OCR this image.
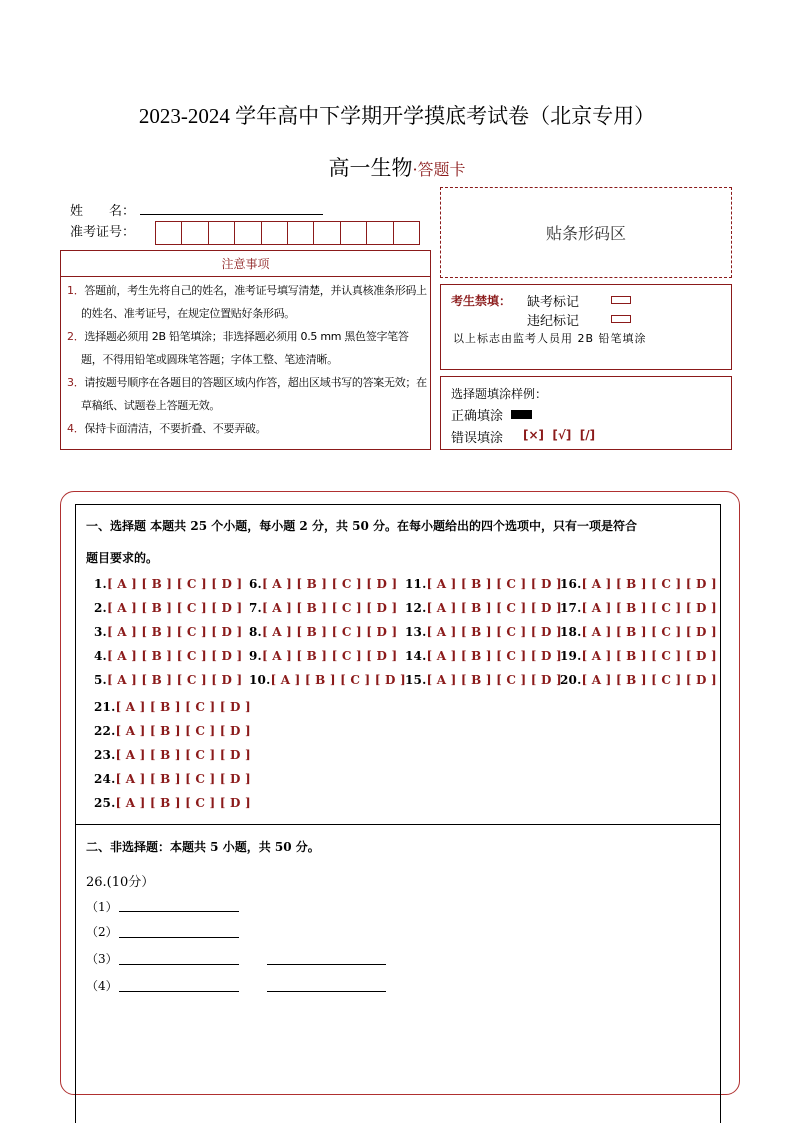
2023-2024 学年高中下学期开学摸底考试卷（北京专用）
高一生物·答题卡
姓　　名：
准考证号：
注意事项
1．答题前，考生先将自己的姓名，准考证号填写清楚，并认真核准条形码上的姓名、准考证号，在规定位置贴好条形码。
2．选择题必须用 2B 铅笔填涂；非选择题必须用 0.5 mm 黑色签字笔答题，不得用铅笔或圆珠笔答题；字体工整、笔迹清晰。
3．请按题号顺序在各题目的答题区域内作答，超出区域书写的答案无效；在草稿纸、试题卷上答题无效。
4．保持卡面清洁，不要折叠、不要弄破。
贴条形码区
考生禁填： 缺考标记
违纪标记
以上标志由监考人员用 2B 铅笔填涂
选择题填涂样例：
正确填涂
错误填涂 [×]  [√]  [/]
一、选择题 本题共 25 个小题，每小题 2 分，共 50 分。在每小题给出的四个选项中，只有一项是符合
题目要求的。
1.[ A ] [ B ] [ C ] [ D ]
2.[ A ] [ B ] [ C ] [ D ]
3.[ A ] [ B ] [ C ] [ D ]
4.[ A ] [ B ] [ C ] [ D ]
5.[ A ] [ B ] [ C ] [ D ]
6.[ A ] [ B ] [ C ] [ D ]
7.[ A ] [ B ] [ C ] [ D ]
8.[ A ] [ B ] [ C ] [ D ]
9.[ A ] [ B ] [ C ] [ D ]
10.[ A ] [ B ] [ C ] [ D ]
11.[ A ] [ B ] [ C ] [ D ]
12.[ A ] [ B ] [ C ] [ D ]
13.[ A ] [ B ] [ C ] [ D ]
14.[ A ] [ B ] [ C ] [ D ]
15.[ A ] [ B ] [ C ] [ D ]
16.[ A ] [ B ] [ C ] [ D ]
17.[ A ] [ B ] [ C ] [ D ]
18.[ A ] [ B ] [ C ] [ D ]
19.[ A ] [ B ] [ C ] [ D ]
20.[ A ] [ B ] [ C ] [ D ]
21.[ A ] [ B ] [ C ] [ D ]
22.[ A ] [ B ] [ C ] [ D ]
23.[ A ] [ B ] [ C ] [ D ]
24.[ A ] [ B ] [ C ] [ D ]
25.[ A ] [ B ] [ C ] [ D ]
二、非选择题：本题共 5 小题，共 50 分。
26.(10分）
（1）
（2）
（3）
（4）
